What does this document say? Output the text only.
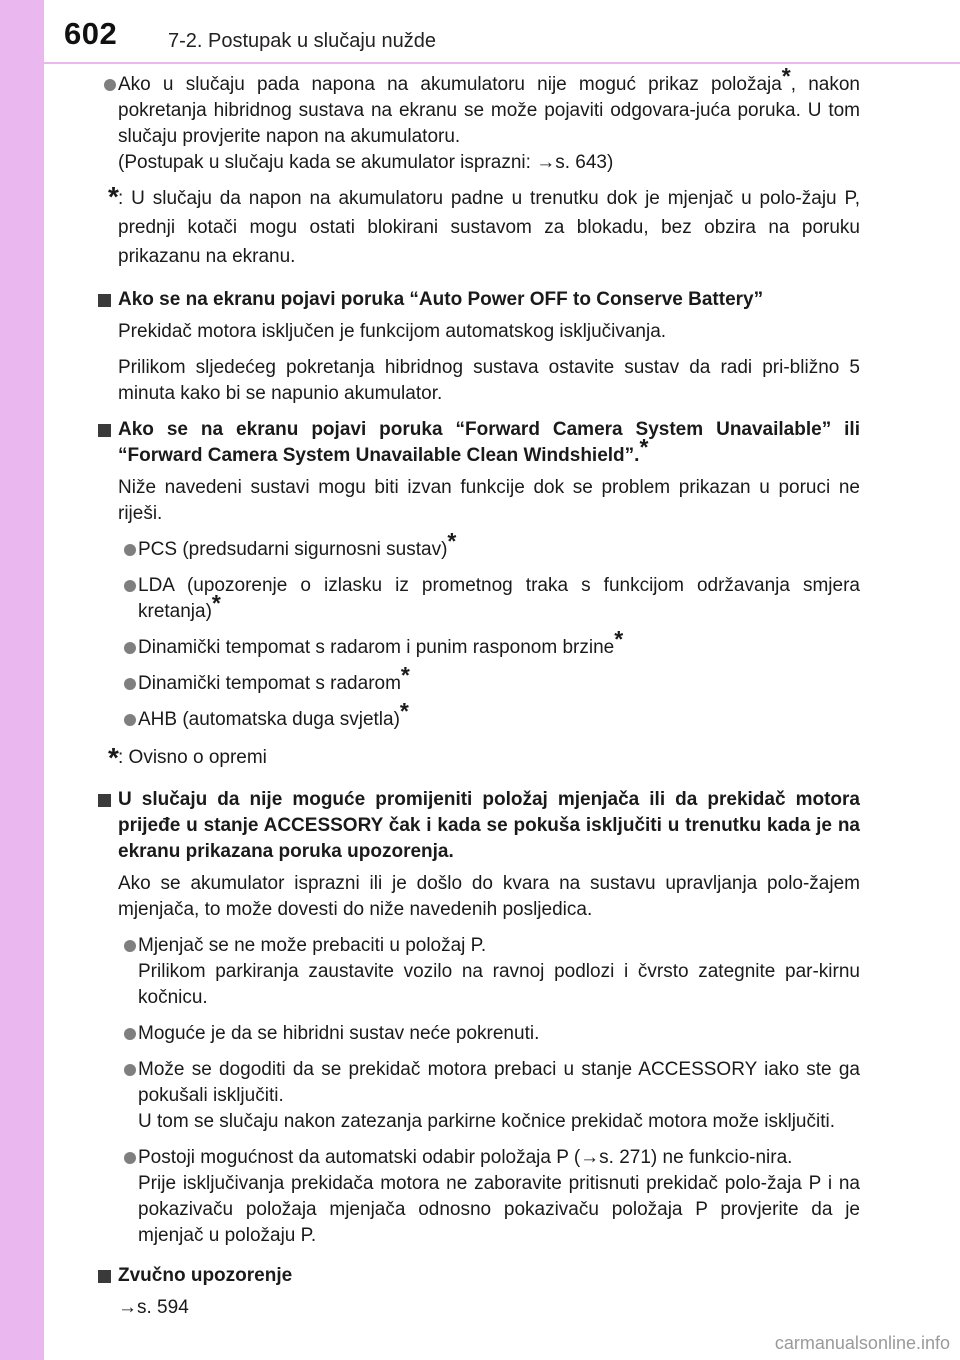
602	7-2. Postupak u slučaju nužde
Ako u slučaju pada napona na akumulatoru nije moguć prikaz položaja*, nakon pokretanja hibridnog sustava na ekranu se može pojaviti odgovara-juća poruka. U tom slučaju provjerite napon na akumulatoru.
(Postupak u slučaju kada se akumulator isprazni: →s. 643)
* : U slučaju da napon na akumulatoru padne u trenutku dok je mjenjač u polo-žaju P, prednji kotači mogu ostati blokirani sustavom za blokadu, bez obzira na poruku prikazanu na ekranu.
Ako se na ekranu pojavi poruka “Auto Power OFF to Conserve Battery”
Prekidač motora isključen je funkcijom automatskog isključivanja.
Prilikom sljedećeg pokretanja hibridnog sustava ostavite sustav da radi pri-bližno 5 minuta kako bi se napunio akumulator.
Ako se na ekranu pojavi poruka “Forward Camera System Unavailable” ili “Forward Camera System Unavailable Clean Windshield”.*
Niže navedeni sustavi mogu biti izvan funkcije dok se problem prikazan u poruci ne riješi.
PCS (predsudarni sigurnosni sustav)*
LDA (upozorenje o izlasku iz prometnog traka s funkcijom održavanja smjera kretanja)*
Dinamički tempomat s radarom i punim rasponom brzine*
Dinamički tempomat s radarom*
AHB (automatska duga svjetla)*
* : Ovisno o opremi
U slučaju da nije moguće promijeniti položaj mjenjača ili da prekidač motora prijeđe u stanje ACCESSORY čak i kada se pokuša isključiti u trenutku kada je na ekranu prikazana poruka upozorenja.
Ako se akumulator isprazni ili je došlo do kvara na sustavu upravljanja polo-žajem mjenjača, to može dovesti do niže navedenih posljedica.
Mjenjač se ne može prebaciti u položaj P.
Prilikom parkiranja zaustavite vozilo na ravnoj podlozi i čvrsto zategnite par-kirnu kočnicu.
Moguće je da se hibridni sustav neće pokrenuti.
Može se dogoditi da se prekidač motora prebaci u stanje ACCESSORY iako ste ga pokušali isključiti.
U tom se slučaju nakon zatezanja parkirne kočnice prekidač motora može isključiti.
Postoji mogućnost da automatski odabir položaja P (→s. 271) ne funkcio-nira.
Prije isključivanja prekidača motora ne zaboravite pritisnuti prekidač polo-žaja P i na pokazivaču položaja mjenjača odnosno pokazivaču položaja P provjerite da je mjenjač u položaju P.
Zvučno upozorenje
→s. 594
carmanualsonline.info
